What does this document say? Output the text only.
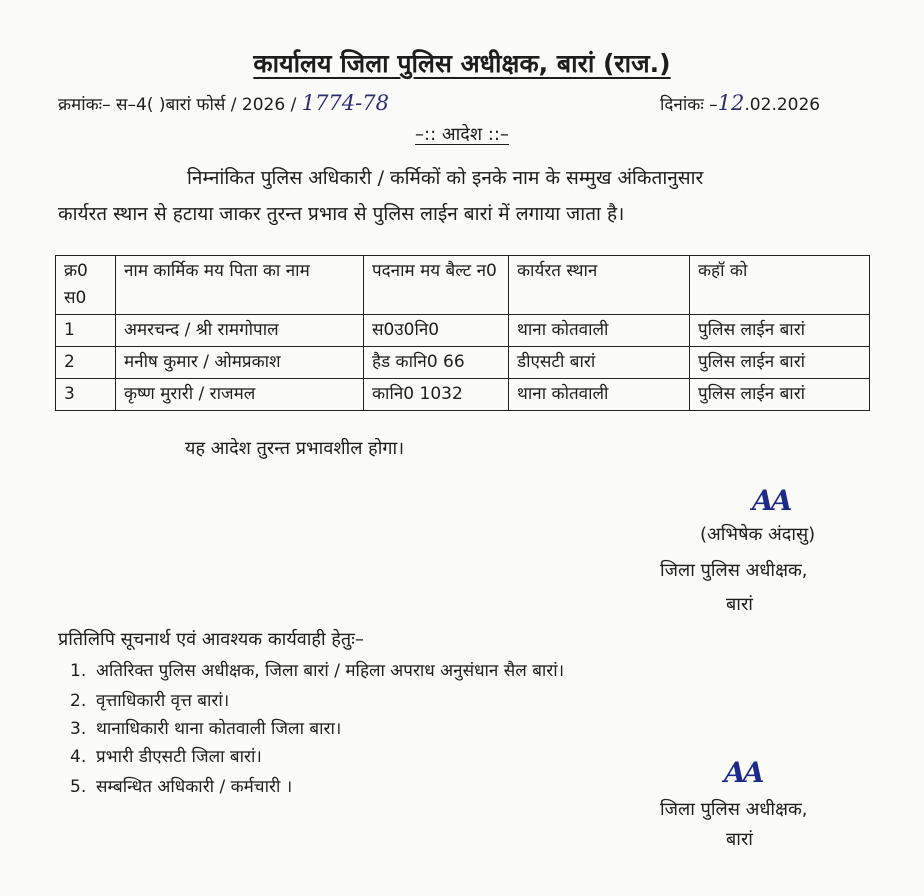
कार्यालय जिला पुलिस अधीक्षक, बारां (राज.)
क्रमांकः– स–4( )बारां फोर्स / 2026 / 1774-78	दिनांकः –12.02.2026
–:: आदेश ::–
निम्नांकित पुलिस अधिकारी / कर्मिकों को इनके नाम के सम्मुख अंकितानुसार
कार्यरत स्थान से हटाया जाकर तुरन्त प्रभाव से पुलिस लाईन बारां में लगाया जाता है।
क्र0 स0	नाम कार्मिक मय पिता का नाम	पदनाम मय बैल्ट न0	कार्यरत स्थान	कहॉ को
1	अमरचन्द / श्री रामगोपाल	स0उ0नि0	थाना कोतवाली	पुलिस लाईन बारां
2	मनीष कुमार / ओमप्रकाश	हैड कानि0 66	डीएसटी बारां	पुलिस लाईन बारां
3	कृष्ण मुरारी / राजमल	कानि0 1032	थाना कोतवाली	पुलिस लाईन बारां
यह आदेश तुरन्त प्रभावशील होगा।
AA
(अभिषेक अंदासु)
जिला पुलिस अधीक्षक,
बारां
प्रतिलिपि सूचनार्थ एवं आवश्यक कार्यवाही हेतुः–
1. अतिरिक्त पुलिस अधीक्षक, जिला बारां / महिला अपराध अनुसंधान सैल बारां।
2. वृत्ताधिकारी वृत्त बारां।
3. थानाधिकारी थाना कोतवाली जिला बारा।
4. प्रभारी डीएसटी जिला बारां।
5. सम्बन्धित अधिकारी / कर्मचारी ।	AA
जिला पुलिस अधीक्षक,
बारां
